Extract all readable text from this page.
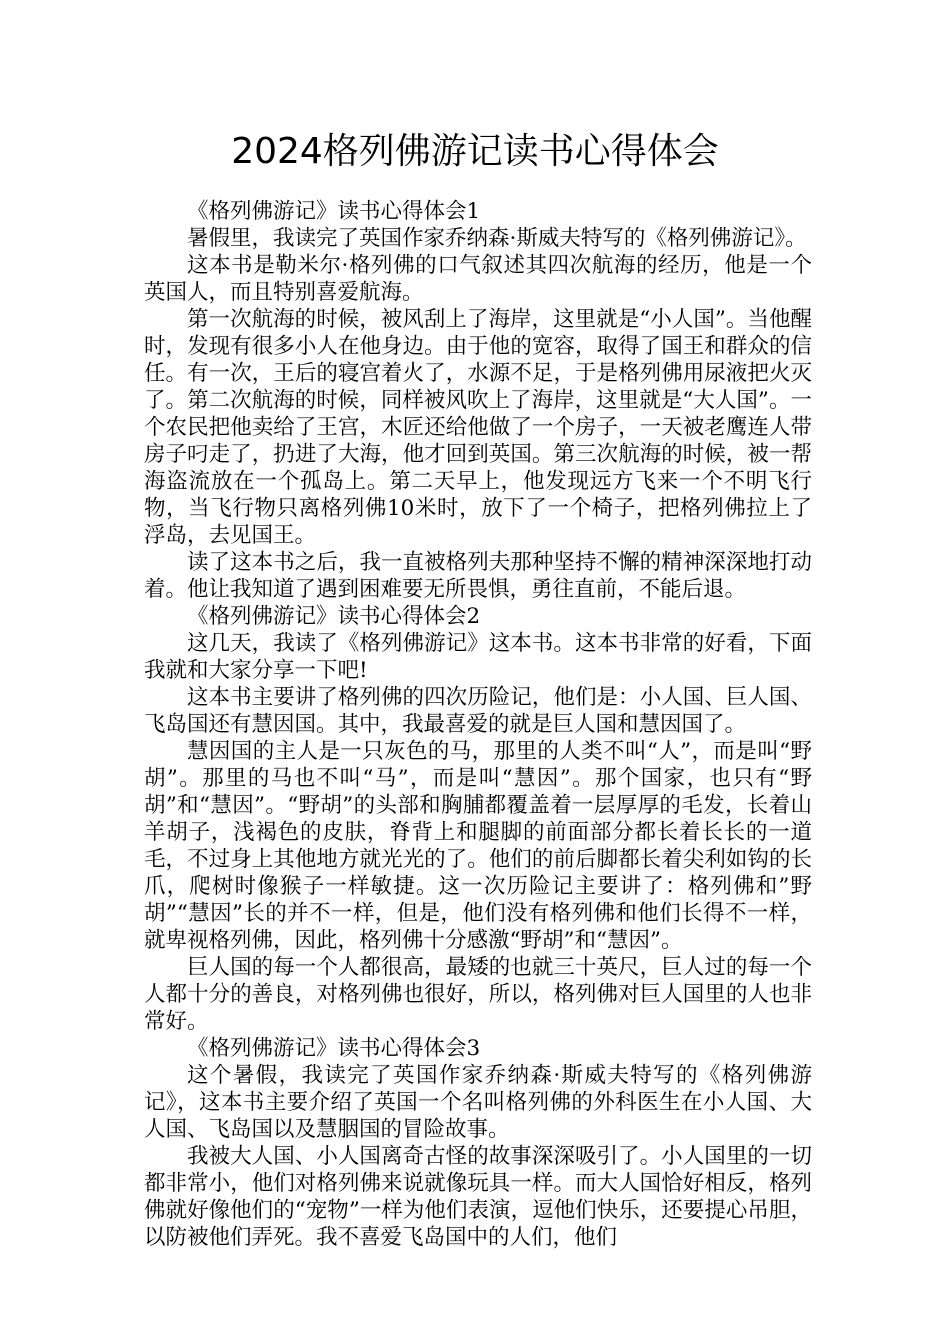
2024格列佛游记读书心得体会

《格列佛游记》读书心得体会1

暑假里，我读完了英国作家乔纳森·斯威夫特写的《格列佛游记》。

这本书是勒米尔·格列佛的口气叙述其四次航海的经历，他是一个英国人，而且特别喜爱航海。

第一次航海的时候，被风刮上了海岸，这里就是“小人国”。当他醒时，发现有很多小人在他身边。由于他的宽容，取得了国王和群众的信任。有一次，王后的寝宫着火了，水源不足，于是格列佛用尿液把火灭了。第二次航海的时候，同样被风吹上了海岸，这里就是“大人国”。一个农民把他卖给了王宫，木匠还给他做了一个房子，一天被老鹰连人带房子叼走了，扔进了大海，他才回到英国。第三次航海的时候，被一帮海盗流放在一个孤岛上。第二天早上，他发现远方飞来一个不明飞行物，当飞行物只离格列佛10米时，放下了一个椅子，把格列佛拉上了浮岛，去见国王。

读了这本书之后，我一直被格列夫那种坚持不懈的精神深深地打动着。他让我知道了遇到困难要无所畏惧，勇往直前，不能后退。

《格列佛游记》读书心得体会2

这几天，我读了《格列佛游记》这本书。这本书非常的好看，下面我就和大家分享一下吧!

这本书主要讲了格列佛的四次历险记，他们是：小人国、巨人国、飞岛国还有慧因国。其中，我最喜爱的就是巨人国和慧因国了。

慧因国的主人是一只灰色的马，那里的人类不叫“人”，而是叫“野胡”。那里的马也不叫“马”，而是叫“慧因”。那个国家，也只有“野胡”和“慧因”。“野胡”的头部和胸脯都覆盖着一层厚厚的毛发，长着山羊胡子，浅褐色的皮肤，脊背上和腿脚的前面部分都长着长长的一道毛，不过身上其他地方就光光的了。他们的前后脚都长着尖利如钩的长爪，爬树时像猴子一样敏捷。这一次历险记主要讲了：格列佛和”野胡”“慧因”长的并不一样，但是，他们没有格列佛和他们长得不一样，就卑视格列佛，因此，格列佛十分感激“野胡”和“慧因”。

巨人国的每一个人都很高，最矮的也就三十英尺，巨人过的每一个人都十分的善良，对格列佛也很好，所以，格列佛对巨人国里的人也非常好。

《格列佛游记》读书心得体会3

这个暑假，我读完了英国作家乔纳森·斯威夫特写的《格列佛游记》，这本书主要介绍了英国一个名叫格列佛的外科医生在小人国、大人国、飞岛国以及慧胭国的冒险故事。

我被大人国、小人国离奇古怪的故事深深吸引了。小人国里的一切都非常小，他们对格列佛来说就像玩具一样。而大人国恰好相反，格列佛就好像他们的“宠物”一样为他们表演，逗他们快乐，还要提心吊胆，以防被他们弄死。我不喜爱飞岛国中的人们，他们
